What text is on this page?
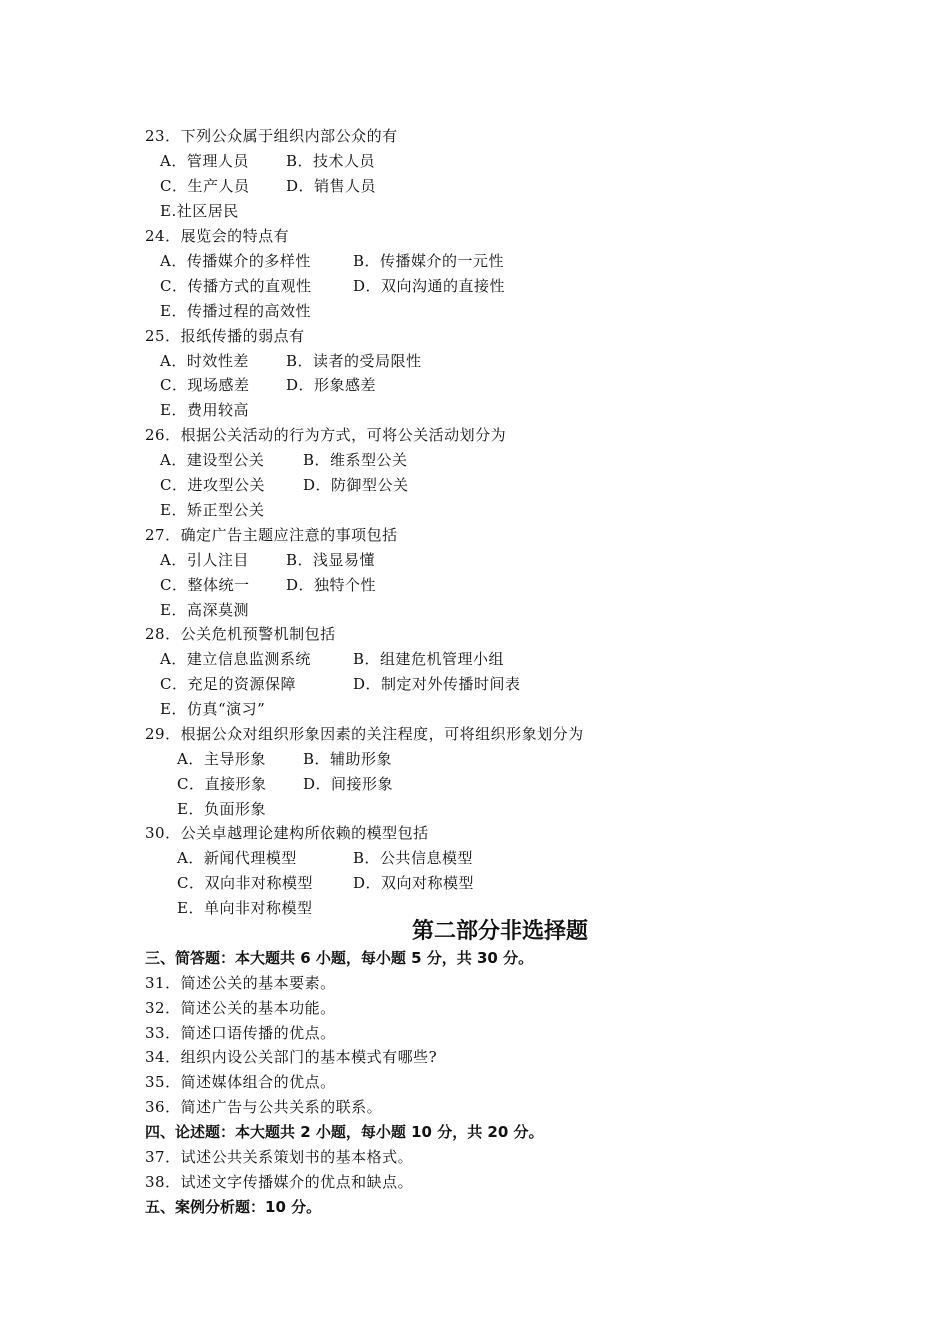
23．下列公众属于组织内部公众的有
A．管理人员 B．技术人员
C．生产人员 D．销售人员
E.社区居民
24．展览会的特点有
A．传播媒介的多样性	B．传播媒介的一元性
C．传播方式的直观性	D．双向沟通的直接性
E．传播过程的高效性
25．报纸传播的弱点有
A．时效性差 B．读者的受局限性
C．现场感差 D．形象感差
E．费用较高
26．根据公关活动的行为方式，可将公关活动划分为
A．建设型公关	B．维系型公关
C．进攻型公关	D．防御型公关
E．矫正型公关
27．确定广告主题应注意的事项包括
A．引人注目 B．浅显易懂
C．整体统一 D．独特个性
E．高深莫测
28．公关危机预警机制包括
A．建立信息监测系统	B．组建危机管理小组
C．充足的资源保障	D．制定对外传播时间表
E．仿真“演习”
29．根据公众对组织形象因素的关注程度，可将组织形象划分为
A．主导形象 B．辅助形象
C．直接形象 D．间接形象
E．负面形象
30．公关卓越理论建构所依赖的模型包括
A．新闻代理模型	B．公共信息模型
C．双向非对称模型	D．双向对称模型
E．单向非对称模型
第二部分非选择题
三、简答题：本大题共 6 小题，每小题 5 分，共 30 分。
31．简述公关的基本要素。
32．简述公关的基本功能。
33．简述口语传播的优点。
34．组织内设公关部门的基本模式有哪些?
35．简述媒体组合的优点。
36．简述广告与公共关系的联系。
四、论述题：本大题共 2 小题，每小题 10 分，共 20 分。
37．试述公共关系策划书的基本格式。
38．试述文字传播媒介的优点和缺点。
五、案例分析题：10 分。
